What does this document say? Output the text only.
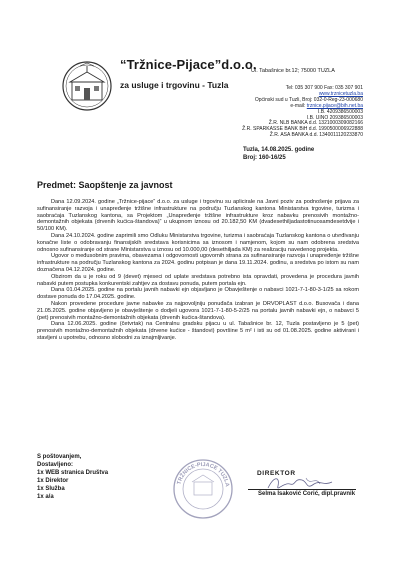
“Tržnice-Pijace”d.o.o.
Ul. Tabašnice br.12; 75000 TUZLA
za usluge i trgovinu - Tuzla	Tel: 035 307 900 Fax: 035 307 901
www.trznicetuzla.ba
Općinski sud u Tuzli, Broj: 032-0-Reg-23-000680
e-mail: trznice.pijace@bih.net.ba
I.B. 4209386500003
I.B. UINO 209386500003
Ž.R. NLB BANKA d.d. 1321000309082166
Ž.R. SPARKASSE BANK BiH d.d. 1990500006922888
Ž.R. ASA BANKA d.d. 1340011120233870
Tuzla, 14.08.2025. godine
Broj: 160-16/25
Predmet: Saopštenje za javnost

Dana 12.09.2024. godine „Tržnice-pijace“ d.o.o. za usluge i trgovinu su aplicirale na Javni poziv za podnošenje prijava za sufinansiranje razvoja i unapređenje tržišne infrastrukture na području Tuzlanskog kantona Ministarstva trgovine, turizma i saobraćaja Tuzlanskog kantona, sa Projektom „Unapređenje tržišne infrastrukture kroz nabavku prenosivih montažno-demontažnih objekata (drvenih kućica-štandova)“ u ukupnom iznosu od 20.182,50 KM (dvadesethiljadastotinuosamdesetdvije i 50/100 KM).

Dana 24.10.2024. godine zaprimili smo Odluku Ministarstva trgovine, turizma i saobraćaja Tuzlanskog kantona o utvrđivanju konačne liste o odobravanju finansijskih sredstava korisnicima sa iznosom i namjenom, kojom su nam odobrena sredstva odnosno sufinansiranje od strane Ministarstva u iznosu od 10.000,00 (desethiljada KM) za realizaciju navedenog projekta.

Ugovor o međusobnim pravima, obavezama i odgovornosti ugovornih strana za sufinansiranje razvoja i unapređenje tržišne infrastrukture na području Tuzlanskog kantona za 2024. godinu potpisan je dana 19.11.2024. godinu, a sredstva po istom su nam doznačena 04.12.2024. godine.

Obzirom da u je roku od 9 (devet) mjeseci od uplate sredstava potrebno ista opravdati, provedena je procedura javnih nabavki putem postupka konkurentski zahtjev za dostavu ponuda, putem portala ejn.

Dana 01.04.2025. godine na portalu javnih nabavki ejn objavljano je Obavještenje o nabavci 1021-7-1-80-3-1/25 sa rokom dostave ponuda do 17.04.2025. godine.

Nakon provedene procedure javne nabavke za najpovoljniju ponuđača izabran je DRVOPLAST d.o.o. Busovača i dana 21.05.2025. godine objavljeno je obavještenje o dodjeli ugovora 1021-7-1-80-5-2/25 na portalu javnih nabavki ejn, o nabavci 5 (pet) prenosivih montažno-demontažnih objekata (drvenih kućica-štandova).

Dana 12.06.2025. godine (četvrtak) na Centralnu gradsku pijacu u ul. Tabašnice br. 12, Tuzla postavljeno je 5 (pet) prenosivih montažno-demontažnih objekata (drvene kućice - štandovi) površine 5 m² i isti su od 01.08.2025. godine aktivirani i stavljeni u upotrebu, odnosno slobodni za iznajmljivanje.

S poštovanjem,
Dostavljeno:
1x WEB stranica Društva
1x Direktor
1x Služba
1x a/a
TRŽNICE-PIJACE TUZLA
DIREKTOR
Selma Isaković Ćorić, dipl.pravnik
